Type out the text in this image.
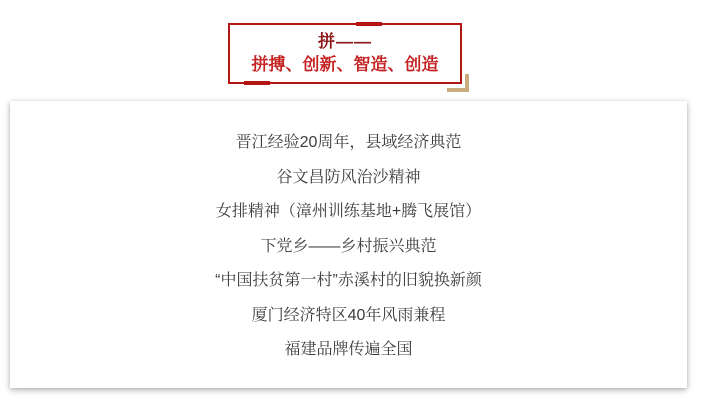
拼——
拼搏、创新、智造、创造
晋江经验20周年，县域经济典范
谷文昌防风治沙精神
女排精神（漳州训练基地+腾飞展馆）
下党乡——乡村振兴典范
“中国扶贫第一村”赤溪村的旧貌换新颜
厦门经济特区40年风雨兼程
福建品牌传遍全国
